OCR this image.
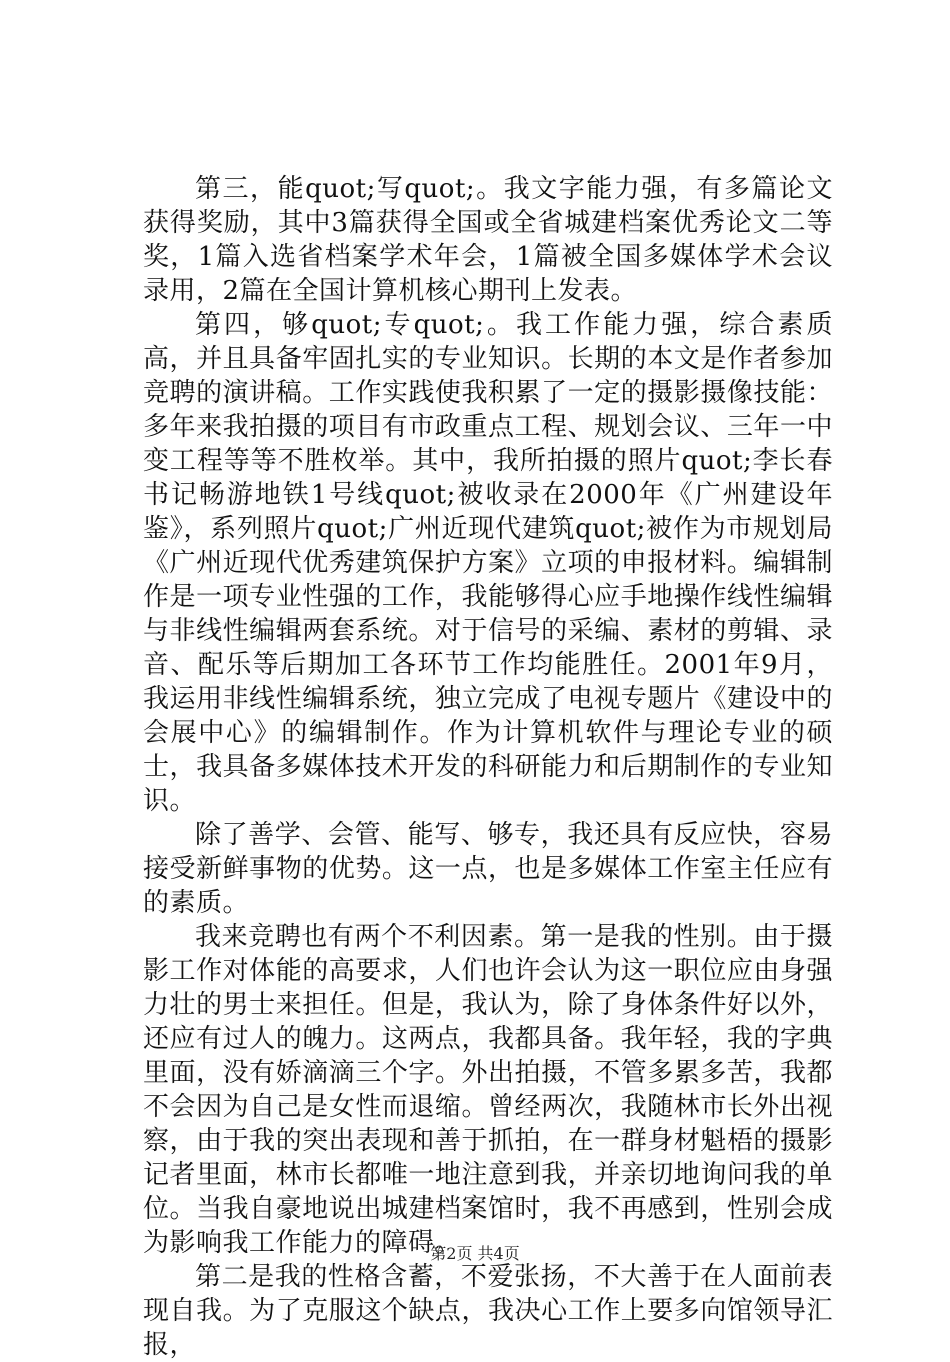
第三，能quot;写quot;。我文字能力强，有多篇论文获得奖励，其中3篇获得全国或全省城建档案优秀论文二等奖，1篇入选省档案学术年会，1篇被全国多媒体学术会议录用，2篇在全国计算机核心期刊上发表。

第四，够quot;专quot;。我工作能力强，综合素质高，并且具备牢固扎实的专业知识。长期的本文是作者参加竞聘的演讲稿。工作实践使我积累了一定的摄影摄像技能：多年来我拍摄的项目有市政重点工程、规划会议、三年一中变工程等等不胜枚举。其中，我所拍摄的照片quot;李长春书记畅游地铁1号线quot;被收录在2000年《广州建设年鉴》，系列照片quot;广州近现代建筑quot;被作为市规划局《广州近现代优秀建筑保护方案》立项的申报材料。编辑制作是一项专业性强的工作，我能够得心应手地操作线性编辑与非线性编辑两套系统。对于信号的采编、素材的剪辑、录音、配乐等后期加工各环节工作均能胜任。2001年9月，我运用非线性编辑系统，独立完成了电视专题片《建设中的会展中心》的编辑制作。作为计算机软件与理论专业的硕士，我具备多媒体技术开发的科研能力和后期制作的专业知识。

除了善学、会管、能写、够专，我还具有反应快，容易接受新鲜事物的优势。这一点，也是多媒体工作室主任应有的素质。

我来竞聘也有两个不利因素。第一是我的性别。由于摄影工作对体能的高要求，人们也许会认为这一职位应由身强力壮的男士来担任。但是，我认为，除了身体条件好以外，还应有过人的魄力。这两点，我都具备。我年轻，我的字典里面，没有娇滴滴三个字。外出拍摄，不管多累多苦，我都不会因为自己是女性而退缩。曾经两次，我随林市长外出视察，由于我的突出表现和善于抓拍，在一群身材魁梧的摄影记者里面，林市长都唯一地注意到我，并亲切地询问我的单位。当我自豪地说出城建档案馆时，我不再感到，性别会成为影响我工作能力的障碍。

第二是我的性格含蓄，不爱张扬，不大善于在人面前表现自我。为了克服这个缺点，我决心工作上要多向馆领导汇报，

第2页 共4页
